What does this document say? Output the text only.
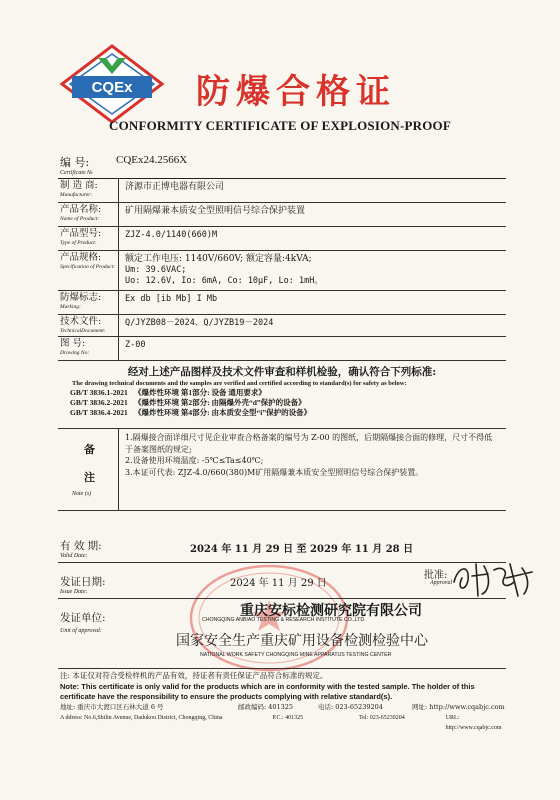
CQEx 防爆合格证
CONFORMITY CERTIFICATE OF EXPLOSION-PROOF
编 号:
Certificate №
CQEx24.2566X
制 造 商:
Manufacturer:
济源市正博电器有限公司
产品名称:
Name of Product:
矿用隔爆兼本质安全型照明信号综合保护装置
产品型号:
Type of Product:
ZJZ-4.0/1140(660)M
产品规格:
Specification of Product:
额定工作电压: 1140V/660V; 额定容量:4kVA;
Um: 39.6VAC;
Uo: 12.6V, Io: 6mA, Co: 10μF, Lo: 1mH。
防爆标志:
Marking:
Ex db [ib Mb] I Mb
技术文件:
TechnicalDocument:
Q/JYZB08－2024、Q/JYZB19－2024
图 号:
Drawing No:
Z-00
经对上述产品图样及技术文件审查和样机检验，确认符合下列标准:
The drawing technical documents and the samples are verified and certified according to standard(s) for safety as below:
GB/T 3836.1-2021 《爆炸性环境 第1部分: 设备 通用要求》
GB/T 3836.2-2021 《爆炸性环境 第2部分: 由隔爆外壳“d”保护的设备》
GB/T 3836.4-2021 《爆炸性环境 第4部分: 由本质安全型“i”保护的设备》
备
注
Note (s)
1.隔爆接合面详细尺寸见企业审查合格备案的编号为 Z-00 的图纸，后期隔爆接合面的修理，尺寸不得低于备案图纸的规定;
2.设备使用环境温度: -5℃≤Ta≤40℃;
3.本证可代表: ZJZ-4.0/660(380)M矿用隔爆兼本质安全型照明信号综合保护装置。
有 效 期:
Valid Date:
2024 年 11 月 29 日 至 2029 年 11 月 28 日
发证日期:
Issue Date:
2024 年 11 月 29 日
批准:
Approval
发证单位:
Unit of approval:
重庆安标检测研究院有限公司
CHONGQING ANBIAO TESTING & RESEARCH INSTITUTE CO.,LTD.
国家安全生产重庆矿用设备检测检验中心
NATIONAL WORK SAFETY CHONGQING MINE APPARATUS TESTING CENTER
注: 本证仅对符合受检样机的产品有效，持证者有责任保证产品符合标准的规定。
Note: This certificate is only valid for the products which are in conformity with the tested sample. The holder of this certificate have the responsibility to ensure the products complying with relative standard(s).
地址: 重庆市大渡口区石林大道 6 号	邮政编码: 401325	电话: 023-65239204	网址: http://www.cqabjc.com
A ddress: No.6,Shilin Avenue, Dadukou District, Chongqing, China	P.C.: 401325	Tel: 023-65239204	URL: http://www.cqabjc.com
